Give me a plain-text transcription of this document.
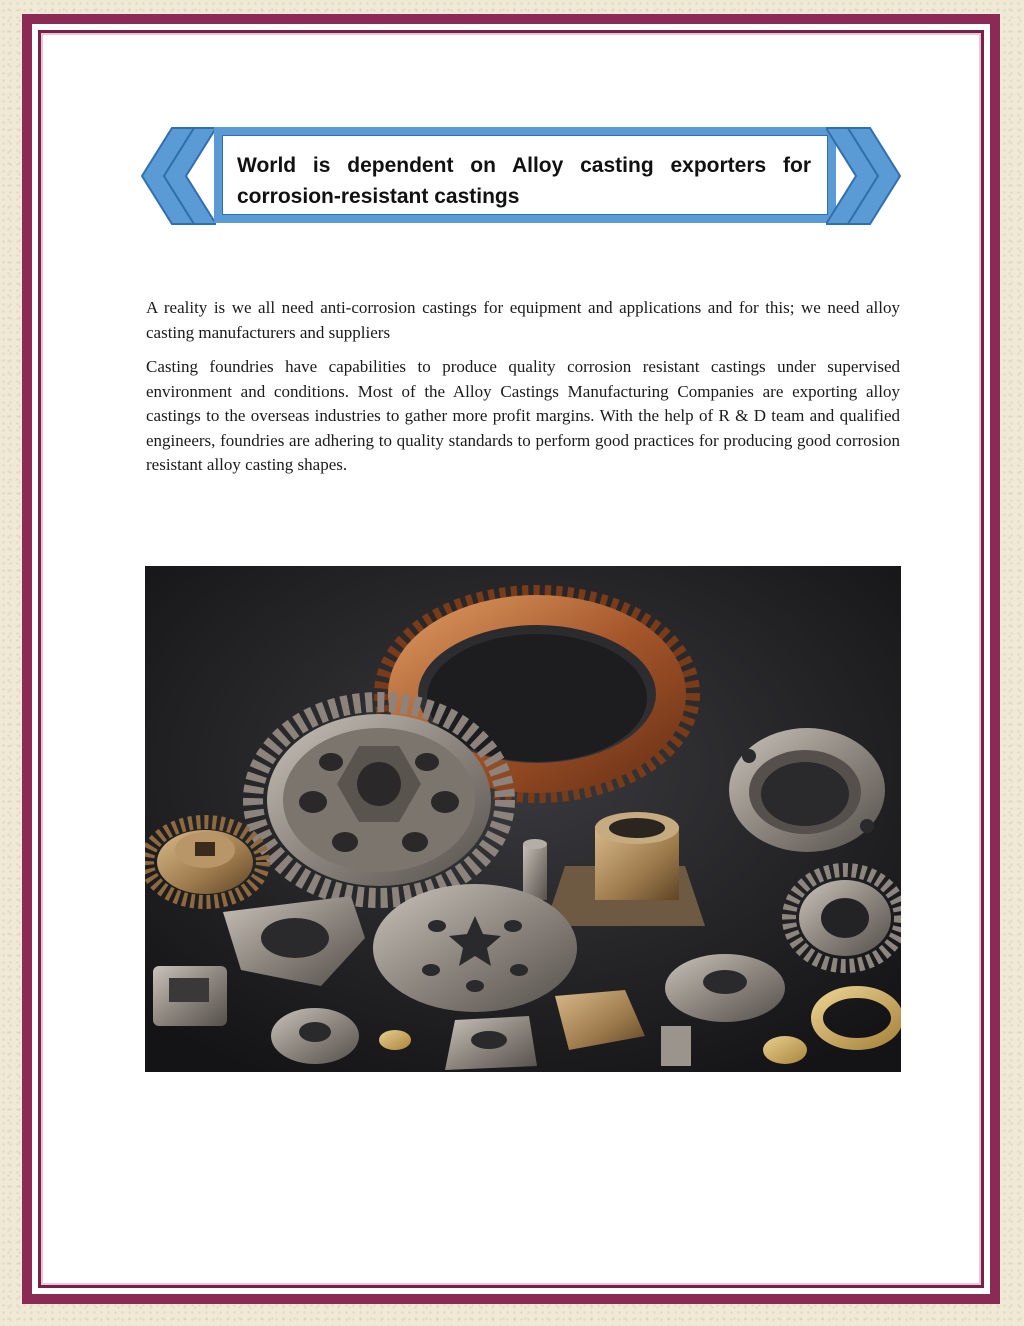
World is dependent on Alloy casting exporters for corrosion-resistant castings

A reality is we all need anti-corrosion castings for equipment and applications and for this; we need alloy casting manufacturers and suppliers

Casting foundries have capabilities to produce quality corrosion resistant castings under supervised environment and conditions. Most of the Alloy Castings Manufacturing Companies are exporting alloy castings to the overseas industries to gather more profit margins. With the help of R & D team and qualified engineers, foundries are adhering to quality standards to perform good practices for producing good corrosion resistant alloy casting shapes.
